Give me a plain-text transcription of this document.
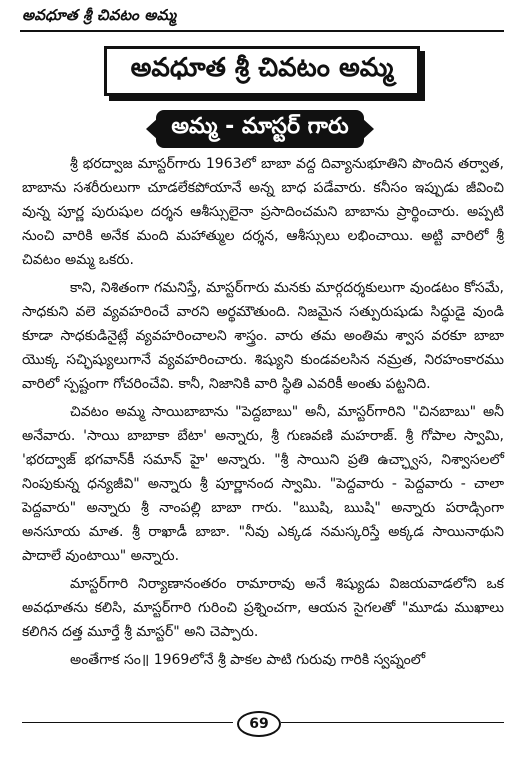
అవధూత శ్రీ చివటం అమ్మ
అవధూత శ్రీ చివటం అమ్మ
అమ్మ - మాస్టర్ గారు

శ్రీ భరద్వాజ మాస్టర్‌గారు 1963లో బాబా వద్ద దివ్యానుభూతిని పొందిన తర్వాత, బాబాను సశరీరులుగా చూడలేకపోయానే అన్న బాధ పడేవారు. కనీసం ఇప్పుడు జీవించి వున్న పూర్ణ పురుషుల దర్శన ఆశీస్సులైనా ప్రసాదించమని బాబాను ప్రార్థించారు. అప్పటి నుంచి వారికి అనేక మంది మహాత్ముల దర్శన, ఆశీస్సులు లభించాయి. అట్టి వారిలో శ్రీ చివటం అమ్మ ఒకరు.

కాని, నిశితంగా గమనిస్తే, మాస్టర్‌గారు మనకు మార్గదర్శకులుగా వుండటం కోసమే, సాధకుని వలె వ్యవహరించే వారని అర్థమౌతుంది. నిజమైన సత్పురుషుడు సిద్ధుడై వుండి కూడా సాధకుడినైట్లే వ్యవహరించాలని శాస్త్రం. వారు తమ అంతిమ శ్వాస వరకూ బాబా యొక్క సచ్ఛిష్యులుగానే వ్యవహరించారు. శిష్యుని కుండవలసిన నమ్రత, నిరహంకారము వారిలో స్పష్టంగా గోచరించేవి. కానీ, నిజానికి వారి స్థితి ఎవరికీ అంతు పట్టనిది.

చివటం అమ్మ సాయిబాబాను "పెద్దబాబు" అనీ, మాస్టర్‌గారిని "చినబాబు" అనీ అనేవారు. 'సాయి బాబాకా బేటా' అన్నారు, శ్రీ గుణవణి మహరాజ్. శ్రీ గోపాల స్వామి, 'భరద్వాజ్ భగవాన్‌కీ సమాన్ హై' అన్నారు. "శ్రీ సాయిని ప్రతి ఉచ్ఛ్వాస, నిశ్వాసలలో నింపుకున్న ధన్యజీవి" అన్నారు శ్రీ పూర్ణానంద స్వామి. "పెద్దవారు - పెద్దవారు - చాలా పెద్దవారు" అన్నారు శ్రీ నాంపల్లి బాబా గారు. "ఋషి, ఋషి" అన్నారు పరాడ్సింగా అనసూయ మాత. శ్రీ రాఖాడీ బాబా. "నీవు ఎక్కడ నమస్కరిస్తే అక్కడ సాయినాథుని పాదాలే వుంటాయి" అన్నారు.

మాస్టర్‌గారి నిర్యాణానంతరం రామారావు అనే శిష్యుడు విజయవాడలోని ఒక అవధూతను కలిసి, మాస్టర్‌గారి గురించి ప్రశ్నించగా, ఆయన సైగలతో "మూడు ముఖాలు కలిగిన దత్త మూర్తే శ్రీ మాస్టర్" అని చెప్పారు.

అంతేగాక సం॥ 1969లోనే శ్రీ పాకల పాటి గురువు గారికి స్వప్నంలో

69
